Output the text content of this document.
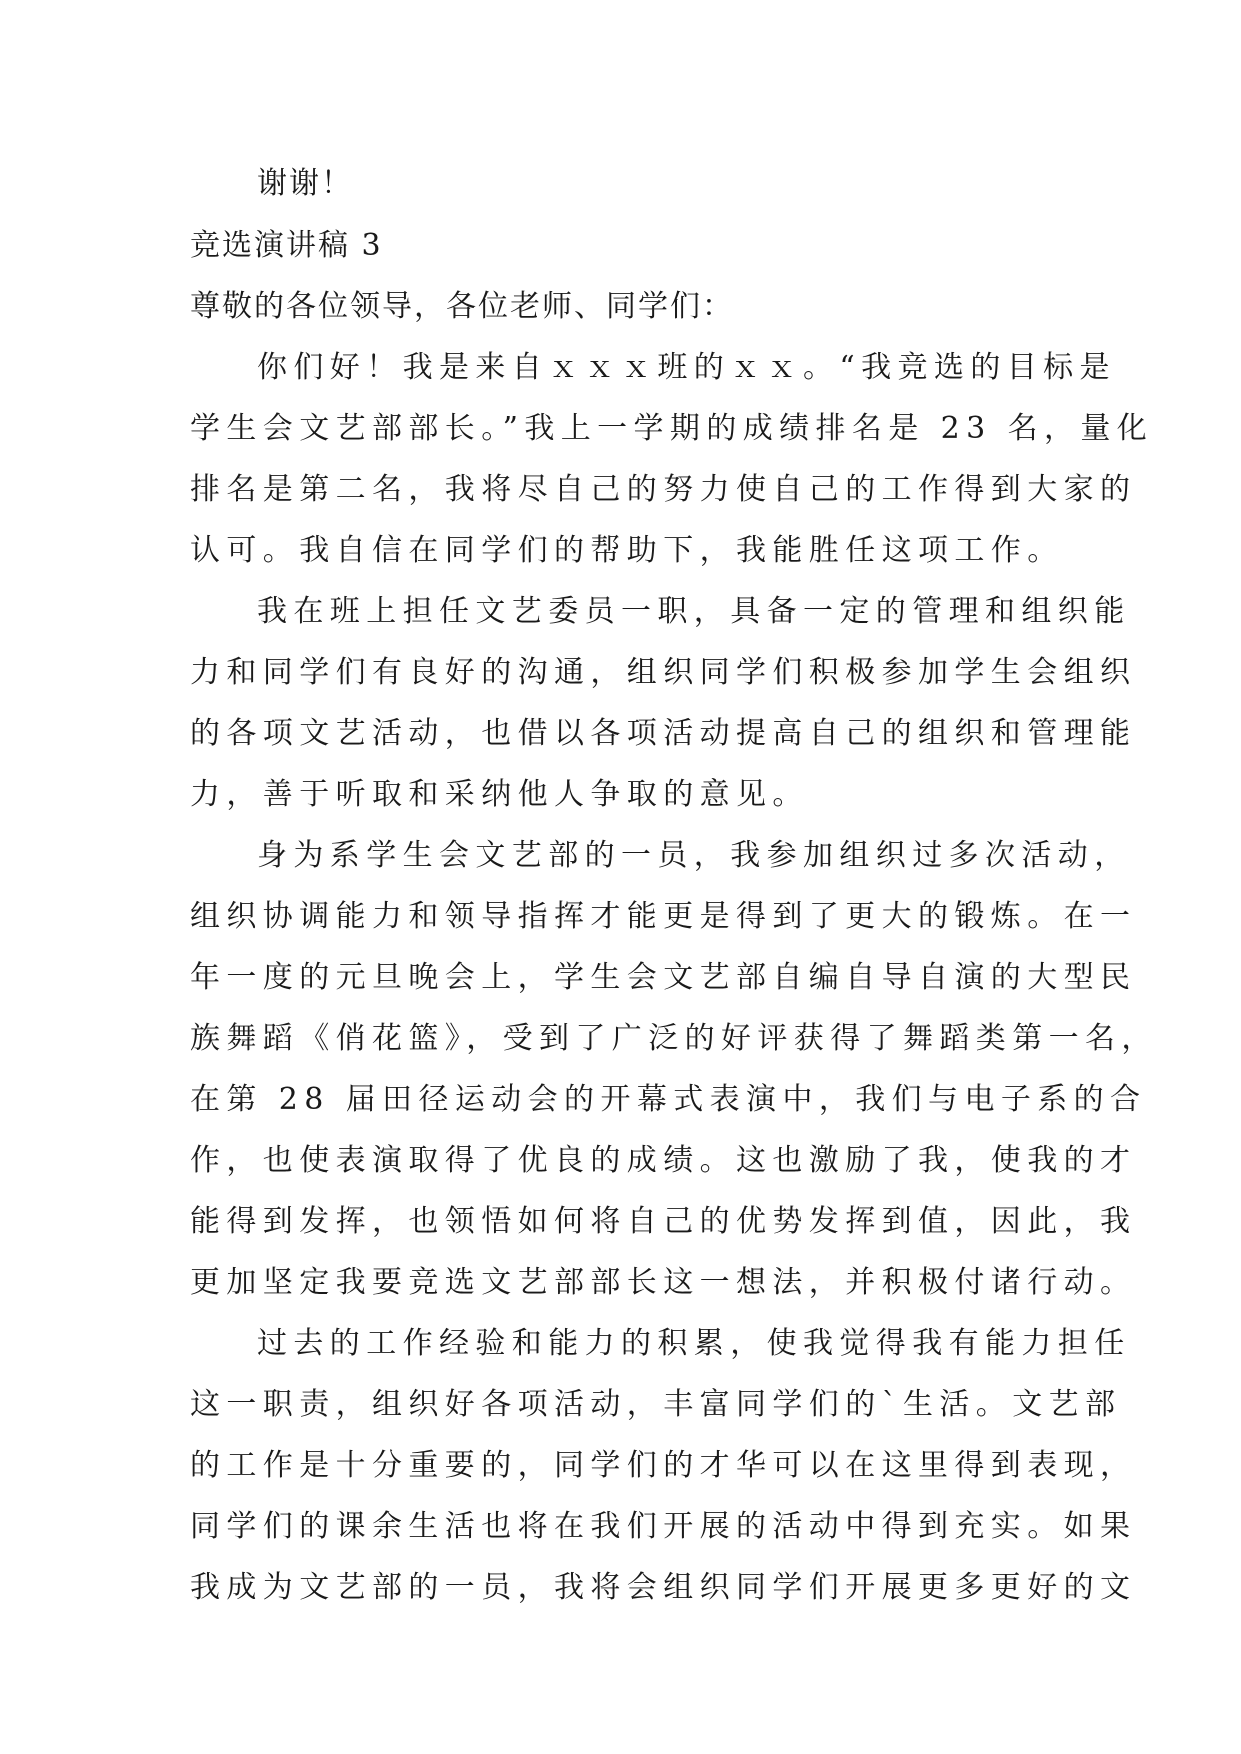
谢谢！

竞选演讲稿 3

尊敬的各位领导，各位老师、同学们：

你们好！我是来自ｘｘｘ班的ｘｘ。“我竞选的目标是

学生会文艺部部长。”我上一学期的成绩排名是 23 名，量化

排名是第二名，我将尽自己的努力使自己的工作得到大家的

认可。我自信在同学们的帮助下，我能胜任这项工作。

我在班上担任文艺委员一职，具备一定的管理和组织能

力和同学们有良好的沟通，组织同学们积极参加学生会组织

的各项文艺活动，也借以各项活动提高自己的组织和管理能

力，善于听取和采纳他人争取的意见。

身为系学生会文艺部的一员，我参加组织过多次活动，

组织协调能力和领导指挥才能更是得到了更大的锻炼。在一

年一度的元旦晚会上，学生会文艺部自编自导自演的大型民

族舞蹈《俏花篮》，受到了广泛的好评获得了舞蹈类第一名，

在第 28 届田径运动会的开幕式表演中，我们与电子系的合

作，也使表演取得了优良的成绩。这也激励了我，使我的才

能得到发挥，也领悟如何将自己的优势发挥到值，因此，我

更加坚定我要竞选文艺部部长这一想法，并积极付诸行动。

过去的工作经验和能力的积累，使我觉得我有能力担任

这一职责，组织好各项活动，丰富同学们的`生活。文艺部

的工作是十分重要的，同学们的才华可以在这里得到表现，

同学们的课余生活也将在我们开展的活动中得到充实。如果

我成为文艺部的一员，我将会组织同学们开展更多更好的文
